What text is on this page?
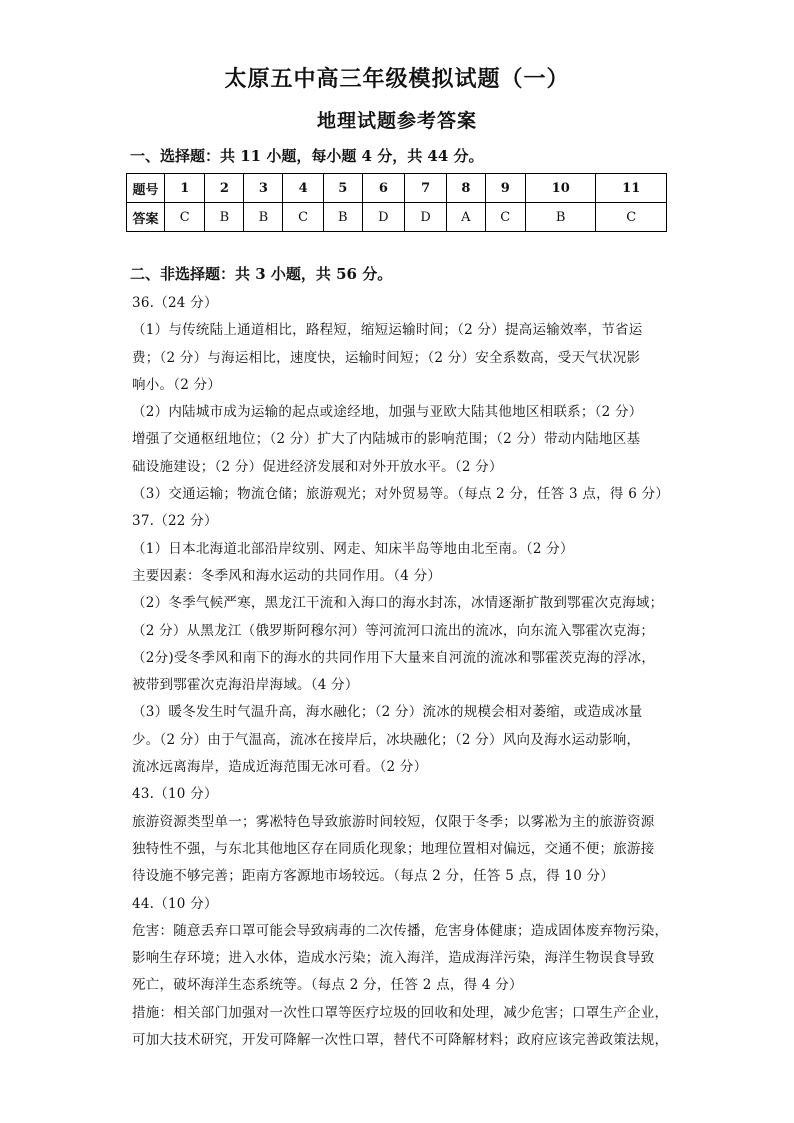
太原五中高三年级模拟试题（一）
地理试题参考答案
一、选择题：共 11 小题，每小题 4 分，共 44 分。
题号	1	2	3	4	5	6	7	8	9	10	11
答案	C	B	B	C	B	D	D	A	C	B	C
二、非选择题：共 3 小题，共 56 分。

36.（24 分）

（1）与传统陆上通道相比，路程短，缩短运输时间；（2 分）提高运输效率，节省运

费；（2 分）与海运相比，速度快，运输时间短；（2 分）安全系数高，受天气状况影

响小。（2 分）

（2）内陆城市成为运输的起点或途经地，加强与亚欧大陆其他地区相联系；（2 分）

增强了交通枢纽地位；（2 分）扩大了内陆城市的影响范围；（2 分）带动内陆地区基

础设施建设；（2 分）促进经济发展和对外开放水平。（2 分）

（3）交通运输；物流仓储；旅游观光；对外贸易等。（每点 2 分，任答 3 点，得 6 分）

37.（22 分）

（1）日本北海道北部沿岸纹别、网走、知床半岛等地由北至南。（2 分）

主要因素：冬季风和海水运动的共同作用。（4 分）

（2）冬季气候严寒，黑龙江干流和入海口的海水封冻，冰情逐渐扩散到鄂霍次克海域；

（2 分）从黑龙江（俄罗斯阿穆尔河）等河流河口流出的流冰，向东流入鄂霍次克海；

（2分)受冬季风和南下的海水的共同作用下大量来自河流的流冰和鄂霍茨克海的浮冰，

被带到鄂霍次克海沿岸海域。（4 分）

（3）暖冬发生时气温升高，海水融化；（2 分）流冰的规模会相对萎缩，或造成冰量

少。（2 分）由于气温高，流冰在接岸后，冰块融化；（2 分）风向及海水运动影响，

流冰远离海岸，造成近海范围无冰可看。（2 分）

43.（10 分）

旅游资源类型单一；雾凇特色导致旅游时间较短，仅限于冬季；以雾凇为主的旅游资源

独特性不强，与东北其他地区存在同质化现象；地理位置相对偏远，交通不便；旅游接

待设施不够完善；距南方客源地市场较远。（每点 2 分，任答 5 点，得 10 分）

44.（10 分）

危害：随意丢弃口罩可能会导致病毒的二次传播，危害身体健康；造成固体废弃物污染，

影响生存环境；进入水体，造成水污染；流入海洋，造成海洋污染，海洋生物误食导致

死亡，破坏海洋生态系统等。（每点 2 分，任答 2 点，得 4 分）

措施：相关部门加强对一次性口罩等医疗垃圾的回收和处理，减少危害；口罩生产企业，

可加大技术研究，开发可降解一次性口罩，替代不可降解材料；政府应该完善政策法规，
